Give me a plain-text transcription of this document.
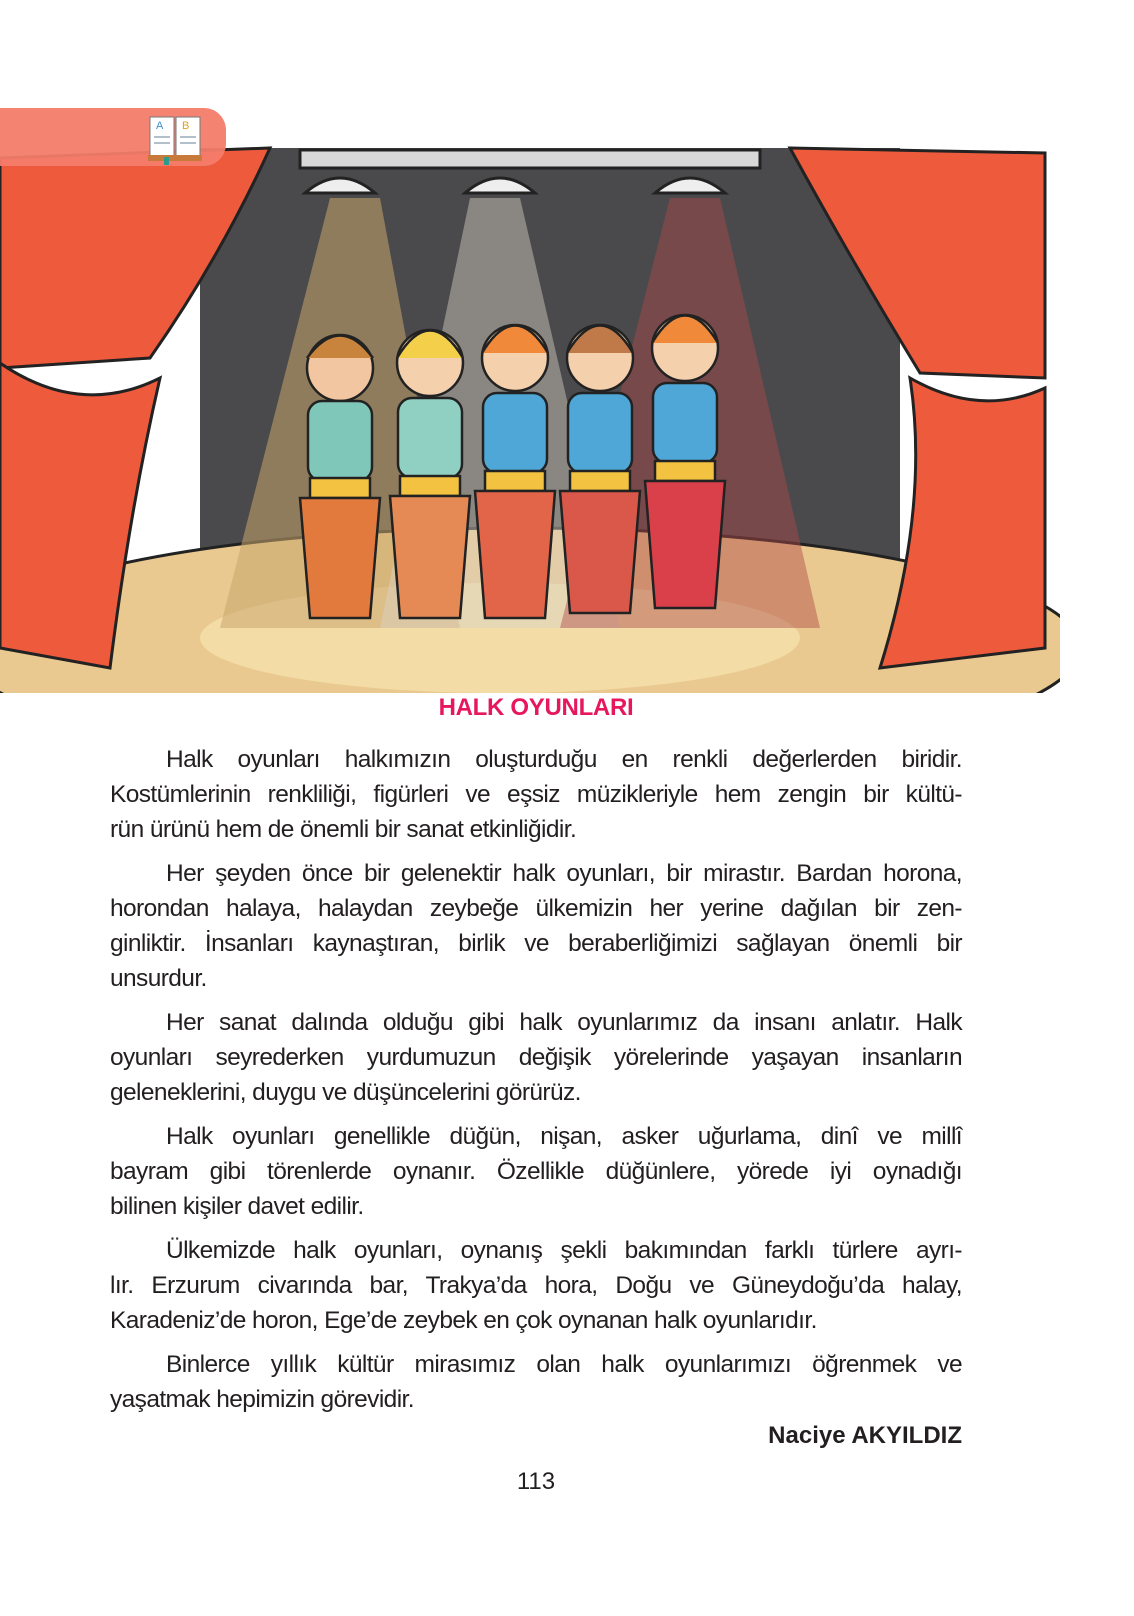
A B
HALK OYUNLARI
Halk oyunları halkımızın oluşturduğu en renkli değerlerden biridir.
Kostümlerinin renkliliği, figürleri ve eşsiz müzikleriyle hem zengin bir kültü-
rün ürünü hem de önemli bir sanat etkinliğidir.
Her şeyden önce bir gelenektir halk oyunları, bir mirastır. Bardan horona,
horondan halaya, halaydan zeybeğe ülkemizin her yerine dağılan bir zen-
ginliktir. İnsanları kaynaştıran, birlik ve beraberliğimizi sağlayan önemli bir
unsurdur.
Her sanat dalında olduğu gibi halk oyunlarımız da insanı anlatır. Halk
oyunları seyrederken yurdumuzun değişik yörelerinde yaşayan insanların
geleneklerini, duygu ve düşüncelerini görürüz.
Halk oyunları genellikle düğün, nişan, asker uğurlama, dinî ve millî
bayram gibi törenlerde oynanır. Özellikle düğünlere, yörede iyi oynadığı
bilinen kişiler davet edilir.
Ülkemizde halk oyunları, oynanış şekli bakımından farklı türlere ayrı-
lır. Erzurum civarında bar, Trakya’da hora, Doğu ve Güneydoğu’da halay,
Karadeniz’de horon, Ege’de zeybek en çok oynanan halk oyunlarıdır.
Binlerce yıllık kültür mirasımız olan halk oyunlarımızı öğrenmek ve
yaşatmak hepimizin görevidir.
Naciye AKYILDIZ
113
